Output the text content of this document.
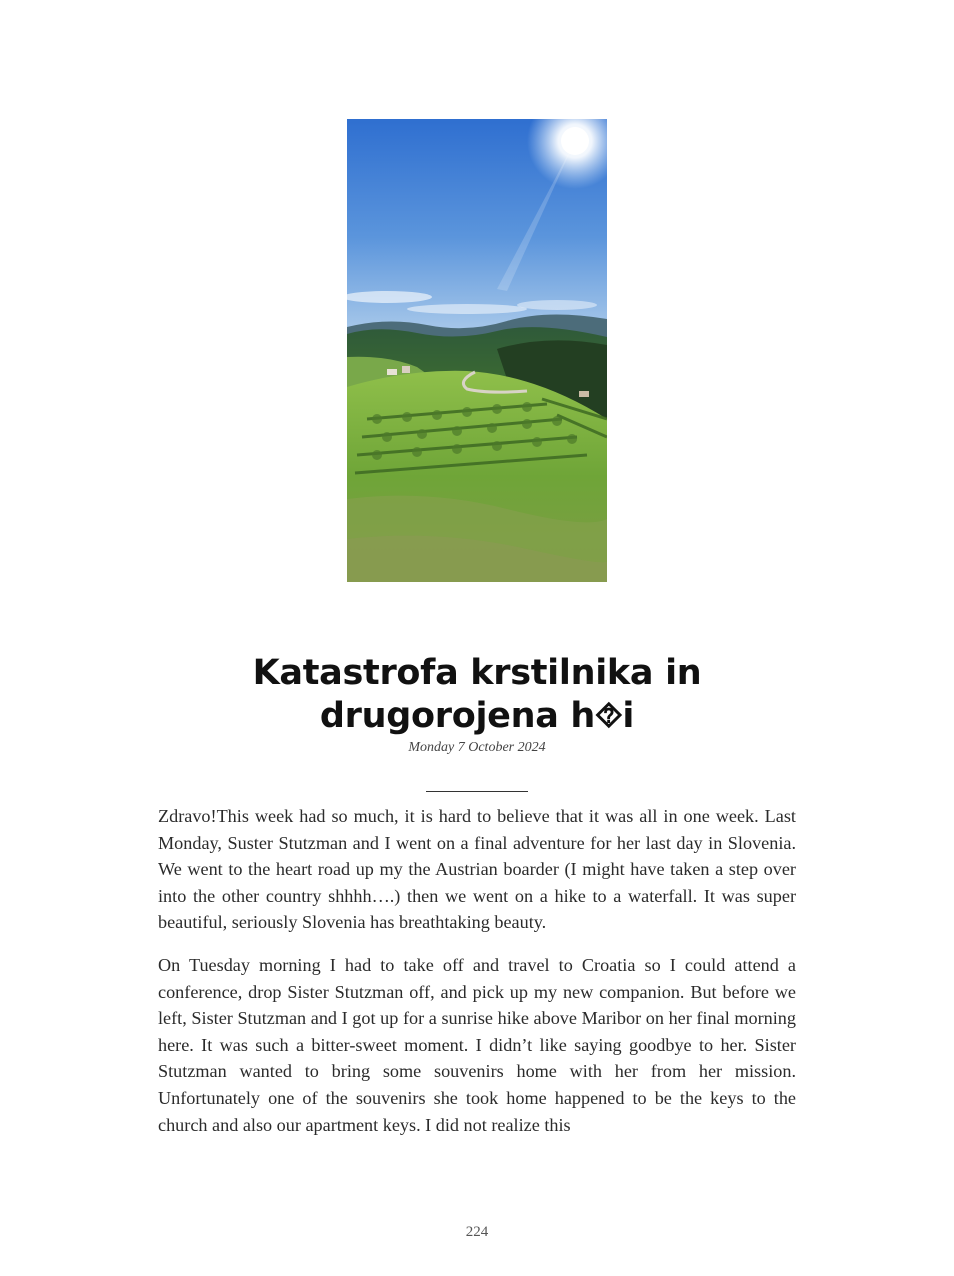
Katastrofa krstilnika in drugorojena h⯑i
Monday 7 October 2024

Zdravo!This week had so much, it is hard to believe that it was all in one week. Last Monday, Suster Stutzman and I went on a final adventure for her last day in Slovenia. We went to the heart road up my the Austrian boarder (I might have taken a step over into the other country shhhh….) then we went on a hike to a waterfall. It was super beautiful, seriously Slovenia has breathtaking beauty.

On Tuesday morning I had to take off and travel to Croatia so I could attend a conference, drop Sister Stutzman off, and pick up my new companion. But before we left, Sister Stutzman and I got up for a sunrise hike above Maribor on her final morning here. It was such a bitter-sweet moment. I didn’t like saying goodbye to her. Sister Stutzman wanted to bring some souvenirs home with her from her mission. Unfortunately one of the souvenirs she took home happened to be the keys to the church and also our apartment keys. I did not realize this

224
